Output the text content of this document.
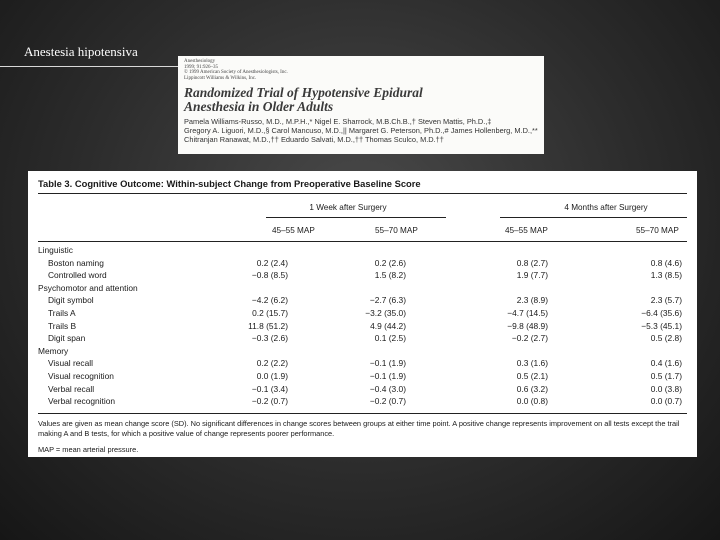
Anestesia hipotensiva
Anesthesiology
1999; 91:926–35
© 1999 American Society of Anesthesiologists, Inc.
Lippincott Williams & Wilkins, Inc.
Randomized Trial of Hypotensive Epidural
Anesthesia in Older Adults
Pamela Williams-Russo, M.D., M.P.H.,* Nigel E. Sharrock, M.B.Ch.B.,† Steven Mattis, Ph.D.,‡
Gregory A. Liguori, M.D.,§ Carol Mancuso, M.D.,|| Margaret G. Peterson, Ph.D.,# James Hollenberg, M.D.,**
Chitranjan Ranawat, M.D.,†† Eduardo Salvati, M.D.,†† Thomas Sculco, M.D.††
Table 3. Cognitive Outcome: Within-subject Change from Preoperative Baseline Score
1 Week after Surgery	4 Months after Surgery
45–55 MAP	55–70 MAP	45–55 MAP	55–70 MAP
Linguistic
Boston naming	0.2 (2.4)	0.2 (2.6)	0.8 (2.7)	0.8 (4.6)
Controlled word	−0.8 (8.5)	1.5 (8.2)	1.9 (7.7)	1.3 (8.5)
Psychomotor and attention
Digit symbol	−4.2 (6.2)	−2.7 (6.3)	2.3 (8.9)	2.3 (5.7)
Trails A	0.2 (15.7)	−3.2 (35.0)	−4.7 (14.5)	−6.4 (35.6)
Trails B	11.8 (51.2)	4.9 (44.2)	−9.8 (48.9)	−5.3 (45.1)
Digit span	−0.3 (2.6)	0.1 (2.5)	−0.2 (2.7)	0.5 (2.8)
Memory
Visual recall	0.2 (2.2)	−0.1 (1.9)	0.3 (1.6)	0.4 (1.6)
Visual recognition	0.0 (1.9)	−0.1 (1.9)	0.5 (2.1)	0.5 (1.7)
Verbal recall	−0.1 (3.4)	−0.4 (3.0)	0.6 (3.2)	0.0 (3.8)
Verbal recognition	−0.2 (0.7)	−0.2 (0.7)	0.0 (0.8)	0.0 (0.7)
Values are given as mean change score (SD). No significant differences in change scores between groups at either time point. A positive change represents improvement on all tests except the trail making A and B tests, for which a positive value of change represents poorer performance.
MAP = mean arterial pressure.
